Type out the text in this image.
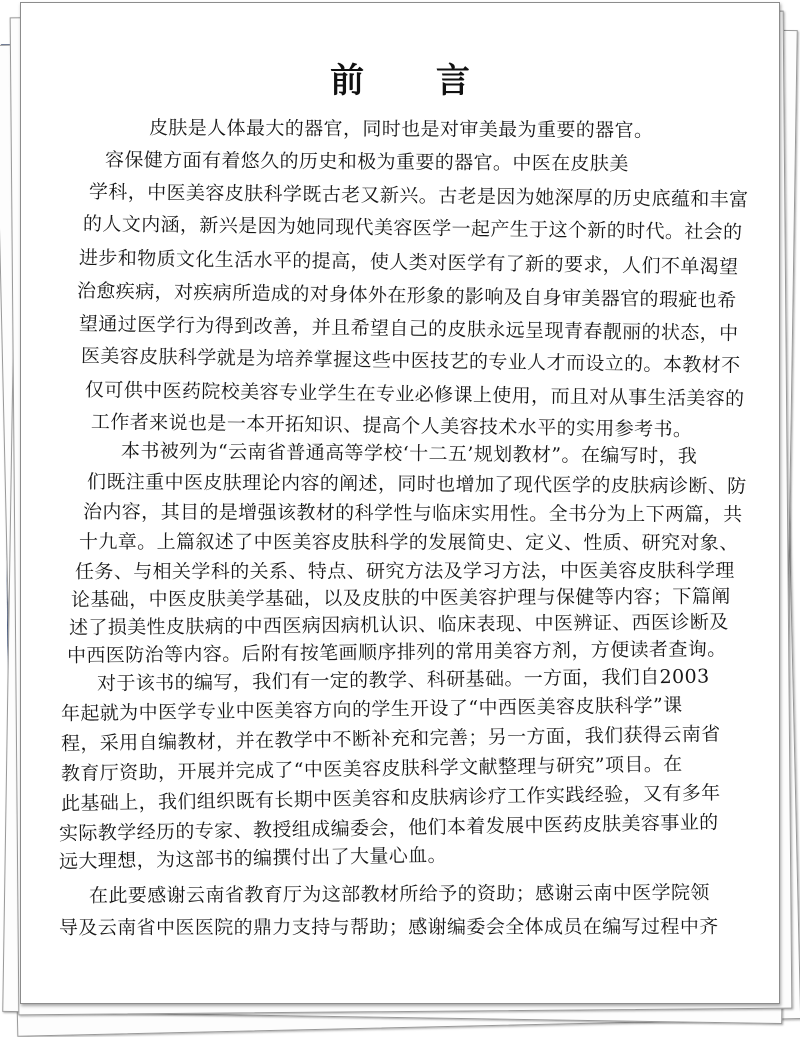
前 言
皮肤是人体最大的器官，同时也是对审美最为重要的器官。
容保健方面有着悠久的历史和极为重要的器官。中医在皮肤美
学科，中医美容皮肤科学既古老又新兴。古老是因为她深厚的历史底蕴和丰富
的人文内涵，新兴是因为她同现代美容医学一起产生于这个新的时代。社会的
进步和物质文化生活水平的提高，使人类对医学有了新的要求，人们不单渴望
治愈疾病，对疾病所造成的对身体外在形象的影响及自身审美器官的瑕疵也希
望通过医学行为得到改善，并且希望自己的皮肤永远呈现青春靓丽的状态，中
医美容皮肤科学就是为培养掌握这些中医技艺的专业人才而设立的。本教材不
仅可供中医药院校美容专业学生在专业必修课上使用，而且对从事生活美容的
工作者来说也是一本开拓知识、提高个人美容技术水平的实用参考书。
本书被列为“云南省普通高等学校‘十二五’规划教材”。在编写时，我
们既注重中医皮肤理论内容的阐述，同时也增加了现代医学的皮肤病诊断、防
治内容，其目的是增强该教材的科学性与临床实用性。全书分为上下两篇，共
十九章。上篇叙述了中医美容皮肤科学的发展简史、定义、性质、研究对象、
任务、与相关学科的关系、特点、研究方法及学习方法，中医美容皮肤科学理
论基础，中医皮肤美学基础，以及皮肤的中医美容护理与保健等内容；下篇阐
述了损美性皮肤病的中西医病因病机认识、临床表现、中医辨证、西医诊断及
中西医防治等内容。后附有按笔画顺序排列的常用美容方剂，方便读者查询。
对于该书的编写，我们有一定的教学、科研基础。一方面，我们自2003
年起就为中医学专业中医美容方向的学生开设了“中西医美容皮肤科学”课
程，采用自编教材，并在教学中不断补充和完善；另一方面，我们获得云南省
教育厅资助，开展并完成了“中医美容皮肤科学文献整理与研究”项目。在
此基础上，我们组织既有长期中医美容和皮肤病诊疗工作实践经验，又有多年
实际教学经历的专家、教授组成编委会，他们本着发展中医药皮肤美容事业的
远大理想，为这部书的编撰付出了大量心血。
在此要感谢云南省教育厅为这部教材所给予的资助；感谢云南中医学院领
导及云南省中医医院的鼎力支持与帮助；感谢编委会全体成员在编写过程中齐
